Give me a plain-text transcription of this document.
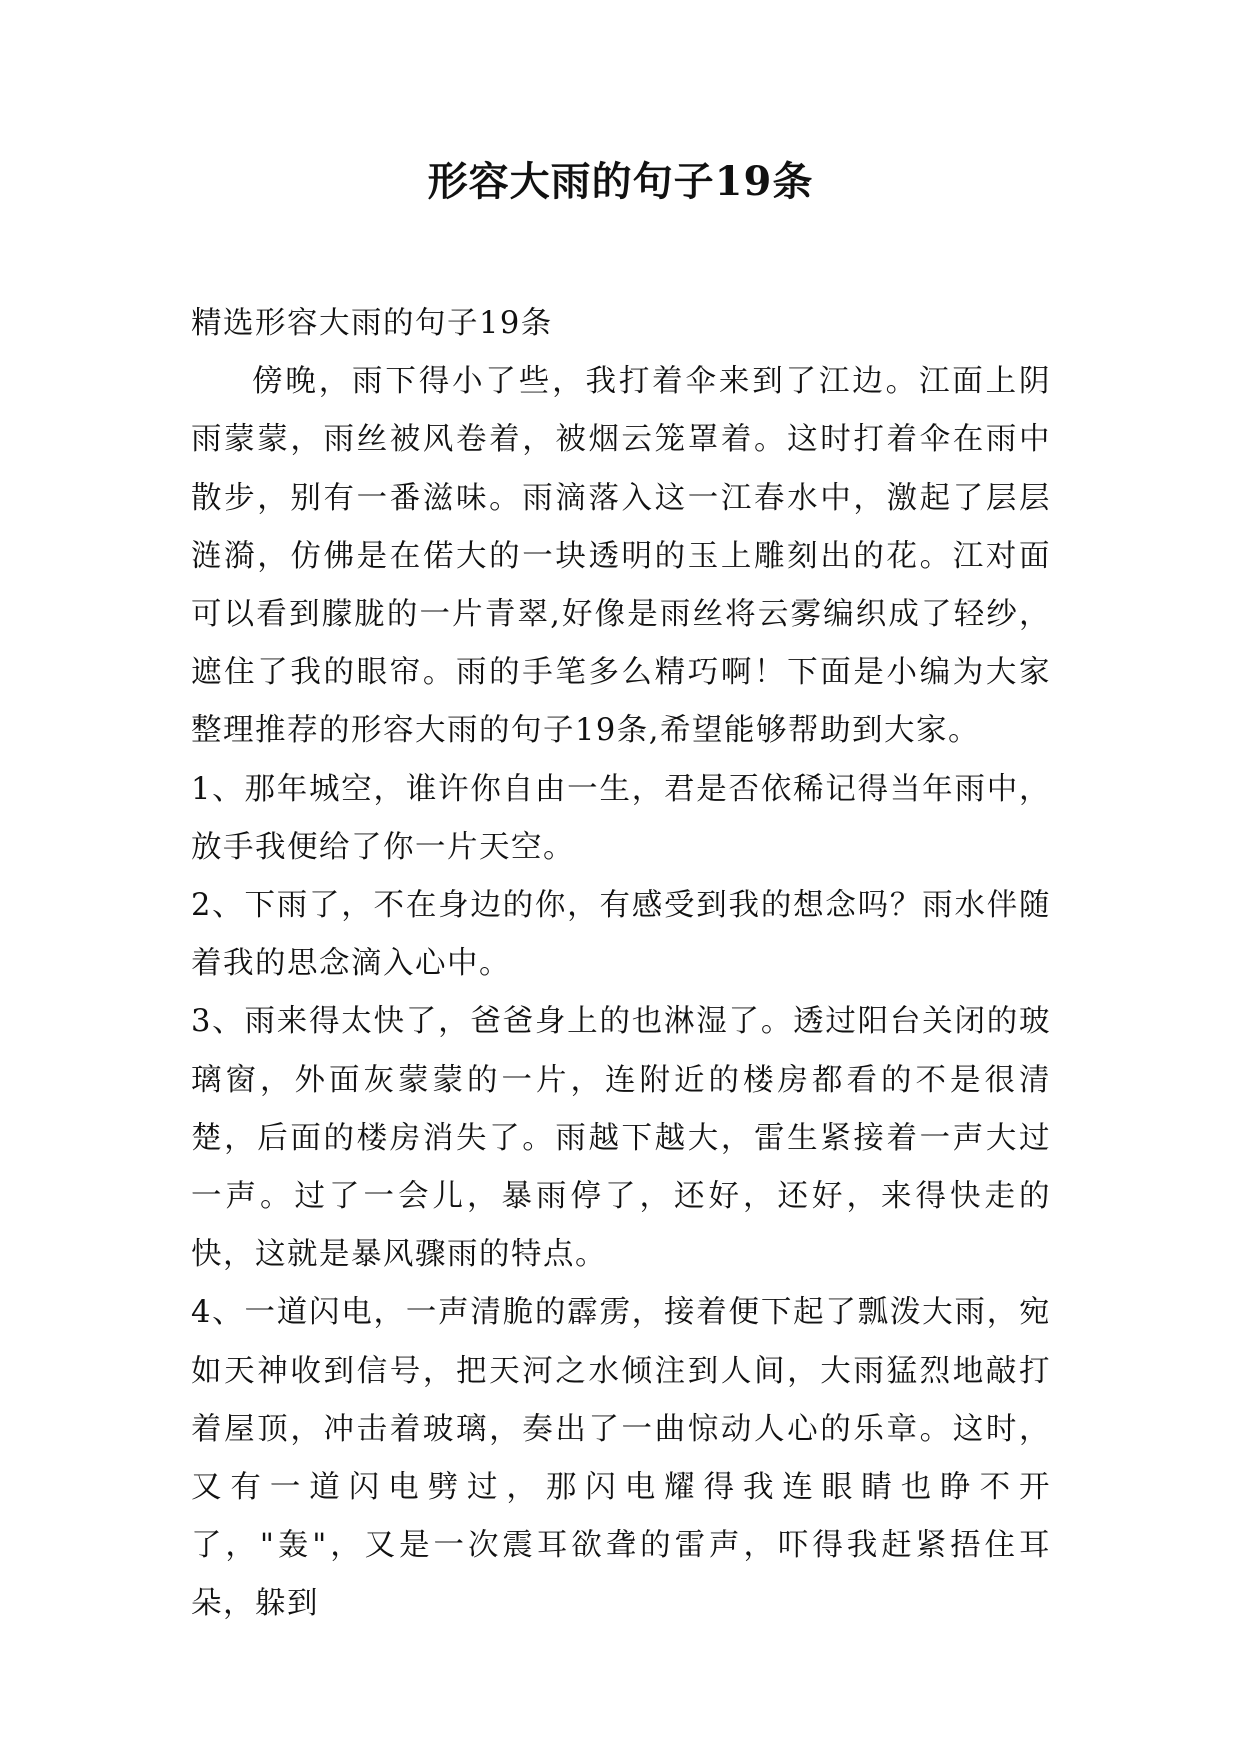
形容大雨的句子19条

精选形容大雨的句子19条

傍晚，雨下得小了些，我打着伞来到了江边。江面上阴雨蒙蒙，雨丝被风卷着，被烟云笼罩着。这时打着伞在雨中散步，别有一番滋味。雨滴落入这一江春水中，激起了层层涟漪，仿佛是在偌大的一块透明的玉上雕刻出的花。江对面可以看到朦胧的一片青翠,好像是雨丝将云雾编织成了轻纱，遮住了我的眼帘。雨的手笔多么精巧啊！下面是小编为大家整理推荐的形容大雨的句子19条,希望能够帮助到大家。

1、那年城空，谁许你自由一生，君是否依稀记得当年雨中，放手我便给了你一片天空。

2、下雨了，不在身边的你，有感受到我的想念吗？雨水伴随着我的思念滴入心中。

3、雨来得太快了，爸爸身上的也淋湿了。透过阳台关闭的玻璃窗，外面灰蒙蒙的一片，连附近的楼房都看的不是很清楚，后面的楼房消失了。雨越下越大，雷生紧接着一声大过一声。过了一会儿，暴雨停了，还好，还好，来得快走的快，这就是暴风骤雨的特点。

4、一道闪电，一声清脆的霹雳，接着便下起了瓢泼大雨，宛如天神收到信号，把天河之水倾注到人间，大雨猛烈地敲打着屋顶，冲击着玻璃，奏出了一曲惊动人心的乐章。这时，又有一道闪电劈过，那闪电耀得我连眼睛也睁不开了，"轰"，又是一次震耳欲聋的雷声，吓得我赶紧捂住耳朵，躲到
